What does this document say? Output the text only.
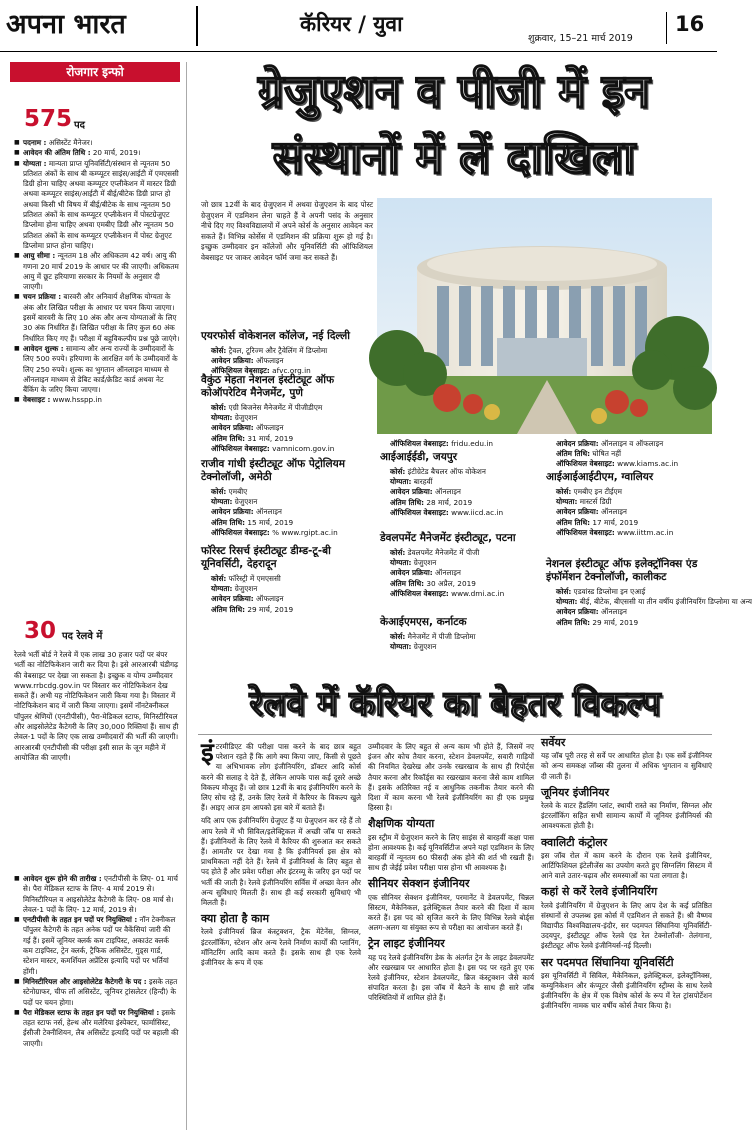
अपना भारत	कॅरियर / युवा
शुक्रवार, 15–21 मार्च 2019
16
रोजगार इन्फो
575 पद
■ पदनाम : असिस्टेंट मैनेजर।
■ आवेदन की अंतिम तिथि : 20 मार्च, 2019।
■ योग्यता : मान्यता प्राप्त यूनिवर्सिटी/संस्थान से न्यूनतम 50 प्रतिशत अंकों के साथ बी कम्प्यूटर साइंस/आईटी में एमएससी डिग्री होना चाहिए अथवा कम्प्यूटर एप्लीकेशन में मास्टर डिग्री अथवा कम्प्यूटर साइंस/आईटी में बीई/बीटेक डिग्री प्राप्त हो अथवा किसी भी विषय में बीई/बीटेक के साथ न्यूनतम 50 प्रतिशत अंकों के साथ कम्प्यूटर एप्लीकेशन में पोस्टग्रेजुएट डिप्लोमा होना चाहिए अथवा एमबीए डिग्री और न्यूनतम 50 प्रतिशत अंकों के साथ कम्प्यूटर एप्लीकेशन में पोस्ट ग्रेजुएट डिप्लोमा प्राप्त होना चाहिए।
■ आयु सीमा : न्यूनतम 18 और अधिकतम 42 वर्ष। आयु की गणना 20 मार्च 2019 के आधार पर की जाएगी। अधिकतम आयु में छूट हरियाणा सरकार के नियमों के अनुसार दी जाएगी।
■ चयन प्रक्रिया : बारवरी और अनिवार्य शैक्षणिक योग्यता के अंक और लिखित परीक्षा के आधार पर चयन किया जाएगा। इसमें बारवरी के लिए 10 अंक और अन्य योग्यताओं के लिए 30 अंक निर्धारित हैं। लिखित परीक्षा के लिए कुल 60 अंक निर्धारित किए गए हैं। परीक्षा में बहुविकल्पीय प्रश्न पूछे जाएंगे।
■ आवेदन शुल्क : सामान्य और अन्य राज्यों के उम्मीदवारों के लिए 500 रुपये। हरियाणा के आरक्षित वर्ग के उम्मीदवारों के लिए 250 रुपये। शुल्क का भुगतान ऑनलाइन माध्यम से ऑनलाइन माध्यम से डेबिट कार्ड/क्रेडिट कार्ड अथवा नेट बैंकिंग के जरिए किया जाएगा।
■ वेबसाइट : www.hsspp.in
30 पद रेलवे में
रेलवे भर्ती बोर्ड ने रेलवे में एक लाख 30 हजार पदों पर बंपर भर्ती का नोटिफिकेशन जारी कर दिया है। इसे आरआरबी चंडीगढ़ की वेबसाइट पर देखा जा सकता है। इच्छुक व योग्य उम्मीदवार www.rrbcdg.gov.in पर विस्तार कर नोटिफिकेशन देख सकते हैं। अभी यह नोटिफिकेशन जारी किया गया है। विस्तार में नोटिफिकेशन बाद में जारी किया जाएगा। इसमें नॉनटेक्नीकल पॉपुलर श्रेणियों (एनटीपीसी), पैरा-मेडिकल स्टाफ, मिनिस्टीरियल और आइसोलेटेड कैटेगरी के लिए 30,000 रिक्तियां हैं। साथ ही लेवल-1 पदों के लिए एक लाख उम्मीदवारों की भर्ती की जाएगी। आरआरबी एनटीपीसी की परीक्षा इसी साल के जून महीने में आयोजित की जाएगी।
■ आवेदन शुरू होने की तारीख : एनटीपीसी के लिए- 01 मार्च से। पैरा मेडिकल स्टाफ के लिए- 4 मार्च 2019 से। मिनिस्टीरियल व आइसोलेटेड कैटेगरी के लिए- 08 मार्च से। लेवल-1 पदों के लिए- 12 मार्च, 2019 से।
■ एनटीपीसी के तहत इन पदों पर नियुक्तियां : नॉन टेक्नीकल पॉपुलर कैटेगरी के तहत अनेक पदों पर वैकेंसियां जारी की गई हैं। इसमें जूनियर क्लर्क कम टाइपिस्ट, अकाउंट क्लर्क कम टाइपिस्ट, ट्रेन क्लर्क, ट्रैफिक असिस्टेंट, गुड्स गार्ड, स्टेशन मास्टर, कमर्शियल अप्रेंटिस इत्यादि पदों पर भर्तियां होंगी।
■ मिनिस्टीरियल और आइसोलेटेड कैटेगरी के पद : इसके तहत स्टेनोग्राफर, चीफ लॉ असिस्टेंट, जूनियर ट्रांसलेटर (हिन्दी) के पदों पर चयन होगा।
■ पैरा मेडिकल स्टाफ के तहत इन पदों पर नियुक्तियां : इसके तहत स्टाफ नर्स, हेल्थ और मलेरिया इंस्पेक्टर, फार्मासिस्ट, ईसीजी टेक्नीशियन, लैब असिस्टेंट इत्यादि पदों पर बहाली की जाएगी।
ग्रेजुएशन व पीजी में इन
संस्थानों में लें दाखिला
जो छात्र 12वीं के बाद ग्रेजुएशन में अथवा ग्रेजुएशन के बाद पोस्ट ग्रेजुएशन में एडमिशन लेना चाहते हैं वे अपनी पसंद के अनुसार नीचे दिए गए विश्वविद्यालयों में अपने कोर्स के अनुसार आवेदन कर सकते हैं। विभिन्न कोर्सेस में एडमिशन की प्रक्रिया शुरू हो गई है। इच्छुक उम्मीदवार इन कॉलेजों और यूनिवर्सिटी की ऑफिशियल वेबसाइट पर जाकर आवेदन फॉर्म जमा कर सकते हैं।
एयरफोर्स वोकेशनल कॉलेज, नई दिल्ली
कोर्स: ट्रैवल, टूरिज्म और ट्रैवेलिंग में डिप्लोमा
आवेदन प्रक्रिया: ऑफलाइन
ऑफिशियल वेबसाइट: afvc.org.in
वैकुंठ मेहता नेशनल इंस्टीट्यूट ऑफ कोऑपरेटिव मैनेजमेंट, पुणे
कोर्स: एग्री बिजनेस मैनेजमेंट में पीजीडीएम
योग्यता: ग्रेजुएशन
आवेदन प्रक्रिया: ऑफलाइन
अंतिम तिथि: 31 मार्च, 2019
ऑफिशियल वेबसाइट: vamnicom.gov.in
राजीव गांधी इंस्टीट्यूट ऑफ पेट्रोलियम टेक्नोलॉजी, अमेठी
कोर्स: एमबीए
योग्यता: ग्रेजुएशन
आवेदन प्रक्रिया: ऑनलाइन
अंतिम तिथि: 15 मार्च, 2019
ऑफिशियल वेबसाइट: % www.rgipt.ac.in
फॉरेस्ट रिसर्च इंस्टीट्यूट डीम्ड-टू-बी यूनिवर्सिटी, देहरादून
कोर्स: फॉरेस्ट्री में एमएससी
योग्यता: ग्रेजुएशन
आवेदन प्रक्रिया: ऑफलाइन
अंतिम तिथि: 29 मार्च, 2019
ऑफिशियल वेबसाइट: fridu.edu.in
आईआईईडी, जयपुर
कोर्स: इंटीग्रेटेड बैचलर ऑफ वोकेशन
योग्यता: बारहवीं
आवेदन प्रक्रिया: ऑनलाइन
अंतिम तिथि: 28 मार्च, 2019
ऑफिशियल वेबसाइट: www.iicd.ac.in
डेवलपमेंट मैनेजमेंट इंस्टीट्यूट, पटना
कोर्स: डेवलपमेंट मैनेजमेंट में पीजी
योग्यता: ग्रेजुएशन
आवेदन प्रक्रिया: ऑनलाइन
अंतिम तिथि: 30 अप्रैल, 2019
ऑफिशियल वेबसाइट: www.dmi.ac.in
केआईएमएस, कर्नाटक
कोर्स: मैनेजमेंट में पीजी डिप्लोमा
योग्यता: ग्रेजुएशन
आवेदन प्रक्रिया: ऑनलाइन व ऑफलाइन
अंतिम तिथि: घोषित नहीं
ऑफिशियल वेबसाइट: www.kiams.ac.in
आईआईआईटीएम, ग्वालियर
कोर्स: एमबीए इन टीईएम
योग्यता: मास्टर्स डिग्री
आवेदन प्रक्रिया: ऑनलाइन
अंतिम तिथि: 17 मार्च, 2019
ऑफिशियल वेबसाइट: www.iittm.ac.in
नेशनल इंस्टीट्यूट ऑफ इलेक्ट्रॉनिक्स एंड इंफॉर्मेशन टेक्नोलॉजी, कालीकट
कोर्स: एडवांस्ड डिप्लोमा इन एआई
योग्यता: बीई, बीटेक, बीएससी या तीन वर्षीय इंजीनियरिंग डिप्लोमा या अन्य
आवेदन प्रक्रिया: ऑनलाइन
अंतिम तिथि: 29 मार्च, 2019
रेलवे में कॅरियर का बेहतर विकल्प

इंटरमीडिएट की परीक्षा पास करने के बाद छात्र बहुत परेशान रहते हैं कि आगे क्या किया जाए, किसी से पूछते या अभिभावक लोग इंजीनियरिंग, डॉक्टर आदि कोर्स करने की सलाह दे देते हैं, लेकिन आपके पास कई दूसरे अच्छे विकल्प मौजूद हैं। जो छात्र 12वीं के बाद इंजीनियरिंग करने के लिए सोच रहे हैं, उनके लिए रेलवे में कैरियर के विकल्प खुले हैं। आइए आज हम आपको इस बारे में बताते हैं।

यदि आप एक इंजीनियरिंग ग्रेजुएट हैं या ग्रेजुएशन कर रहे हैं तो आप रेलवे में भी सिविल/इलेक्ट्रिकल में अच्छी जॉब पा सकते हैं। इंजीनियरों के लिए रेलवे में कैरियर की शुरुआत कर सकते हैं। आमतौर पर देखा गया है कि इंजीनियर्स इस क्षेत्र को प्राथमिकता नहीं देते हैं। रेलवे में इंजीनियर्स के लिए बहुत से पद होते हैं और प्रवेश परीक्षा और इंटरव्यू के जरिए इन पदों पर भर्ती की जाती है। रेलवे इंजीनियरिंग सर्विस में अच्छा वेतन और अन्य सुविधाएं मिलती हैं। साथ ही कई सरकारी सुविधाएं भी मिलती हैं।

क्या होता है काम

रेलवे इंजीनियर्स ब्रिज कंस्ट्रक्शन, ट्रैक मेंटेनेंस, सिग्नल, इंटरलॉकिंग, स्टेशन और अन्य रेलवे निर्माण कार्यों की प्लानिंग, मॉनिटरिंग आदि काम करते हैं। इसके साथ ही एक रेलवे इंजीनियर के रूप में एक

उम्मीदवार के लिए बहुत से अन्य काम भी होते हैं, जिसमें नए इंजन और कोच तैयार करना, स्टेशन डेवलपमेंट, सवारी गाड़ियों की नियमित देखरेख और उनके रखरखाव के साथ ही रिपोर्ट्स तैयार करना और रिकॉर्ड्स का रखरखाव करना जैसे काम शामिल हैं। इसके अतिरिक्त नई व आधुनिक तकनीक तैयार करने की दिशा में काम करना भी रेलवे इंजीनियरिंग का ही एक प्रमुख हिस्सा है।

शैक्षणिक योग्यता

इस स्ट्रीम में ग्रेजुएशन करने के लिए साइंस से बारहवीं कक्षा पास होना आवश्यक है। कई यूनिवर्सिटीज अपने यहां एडमिशन के लिए बारहवीं में न्यूनतम 60 फीसदी अंक होने की शर्त भी रखती हैं। साथ ही जेईई प्रवेश परीक्षा पास होना भी आवश्यक है।

सीनियर सेक्शन इंजीनियर

एक सीनियर सेक्शन इंजीनियर, परमानेंट वे डेवलपमेंट, चिन्नल सिस्टम, मैकेनिकल, इलेक्ट्रिकल तैयार करने की दिशा में काम करते हैं। इस पद को सृजित करने के लिए विभिन्न रेलवे बोर्ड्स अलग-अलग या संयुक्त रूप से परीक्षा का आयोजन करते हैं।

ट्रेन लाइट इंजीनियर

यह पद रेलवे इंजीनियरिंग डेक के अंतर्गत ट्रेन के लाइट डेवलपमेंट और रखरखाव पर आधारित होता है। इस पद पर रहते हुए एक रेलवे इंजीनियर, स्टेशन डेवलपमेंट, ब्रिज कंस्ट्रक्शन जैसे कार्य संपादित करता है। इस जॉब में बैठने के साथ ही सारे जॉब परिस्थितियों में शामिल होते हैं।

सर्वेयर

यह जॉब पूरी तरह से सर्वे पर आधारित होता है। एक सर्वे इंजीनियर को अन्य समकक्ष जॉब्स की तुलना में अधिक भुगतान व सुविधाएं दी जाती हैं।

जूनियर इंजीनियर

रेलवे के वाटर हैंडलिंग प्लांट, स्थायी रास्ते का निर्माण, सिग्नल और इंटरलॉकिंग सहित सभी सामान्य कार्यों में जूनियर इंजीनियर्स की आवश्यकता होती है।

क्वालिटी कंट्रोलर

इस जॉब रोल में काम करने के दौरान एक रेलवे इंजीनियर, आर्टिफिशियल इंटेलीजेंस का उपयोग करते हुए सिग्नलिंग सिस्टम में आने वाले उतार-चढ़ाव और समस्याओं का पता लगाता है।

कहां से करें रेलवे इंजीनियरिंग

रेलवे इंजीनियरिंग में ग्रेजुएशन के लिए आप देश के कई प्रतिष्ठित संस्थानों से उपलब्ध इस कोर्स में एडमिशन ले सकते हैं। श्री वैष्णव विद्यापीठ विश्वविद्यालय-इंदौर, सर पदमपत सिंघानिया यूनिवर्सिटी- उदयपुर, इंस्टीट्यूट ऑफ रेलवे एंड रेल टेक्नोलॉजी- तेलंगाना, इंस्टीट्यूट ऑफ रेलवे इंजीनियर्स-नई दिल्ली।

सर पदमपत सिंघानिया यूनिवर्सिटी

इस यूनिवर्सिटी में सिविल, मैकेनिकल, इलेक्ट्रिकल, इलेक्ट्रॉनिक्स, कम्युनिकेशन और कंप्यूटर जैसी इंजीनियरिंग स्ट्रीम्स के साथ रेलवे इंजीनियरिंग के क्षेत्र में एक विशेष कोर्स के रूप में रेल ट्रांसपोर्टेशन इंजीनियरिंग नामक चार वर्षीय कोर्स तैयार किया है।
